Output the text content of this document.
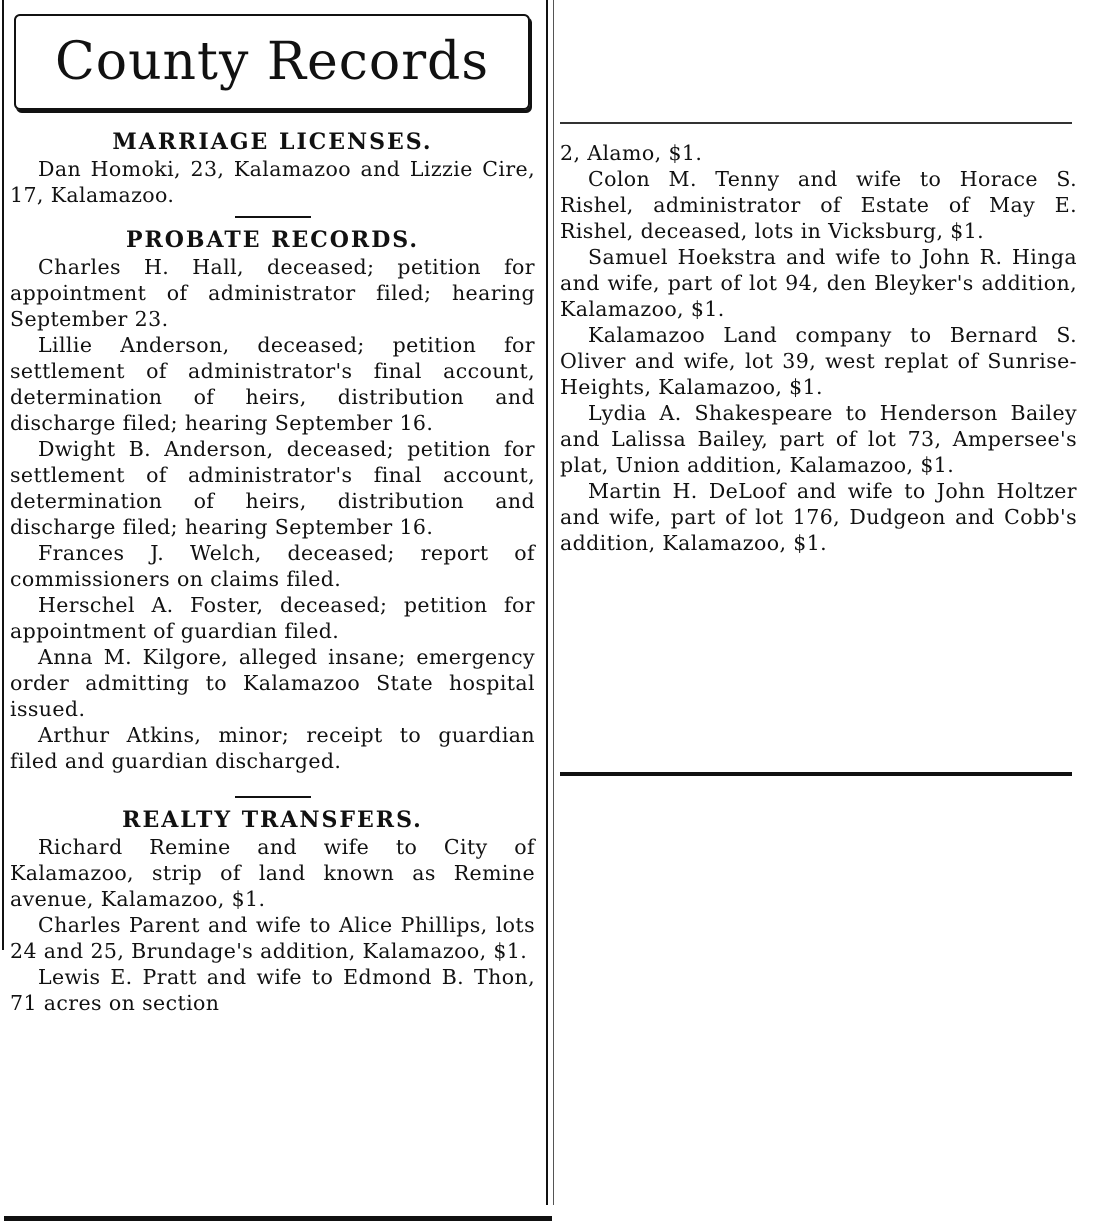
County Records
MARRIAGE LICENSES.

Dan Homoki, 23, Kalamazoo and Lizzie Cire, 17, Kalamazoo.

PROBATE RECORDS.

Charles H. Hall, deceased; petition for appointment of administrator filed; hearing September 23.

Lillie Anderson, deceased; petition for settlement of administrator's final account, determination of heirs, distribution and discharge filed; hearing September 16.

Dwight B. Anderson, deceased; petition for settlement of administrator's final account, determination of heirs, distribution and discharge filed; hearing September 16.

Frances J. Welch, deceased; report of commissioners on claims filed.

Herschel A. Foster, deceased; petition for appointment of guardian filed.

Anna M. Kilgore, alleged insane; emergency order admitting to Kalamazoo State hospital issued.

Arthur Atkins, minor; receipt to guardian filed and guardian discharged.

REALTY TRANSFERS.

Richard Remine and wife to City of Kalamazoo, strip of land known as Remine avenue, Kalamazoo, $1.

Charles Parent and wife to Alice Phillips, lots 24 and 25, Brundage's addition, Kalamazoo, $1.

Lewis E. Pratt and wife to Edmond B. Thon, 71 acres on section

2, Alamo, $1.

Colon M. Tenny and wife to Horace S. Rishel, administrator of Estate of May E. Rishel, deceased, lots in Vicksburg, $1.

Samuel Hoekstra and wife to John R. Hinga and wife, part of lot 94, den Bleyker's addition, Kalamazoo, $1.

Kalamazoo Land company to Bernard S. Oliver and wife, lot 39, west replat of Sunrise-Heights, Kalamazoo, $1.

Lydia A. Shakespeare to Henderson Bailey and Lalissa Bailey, part of lot 73, Ampersee's plat, Union addition, Kalamazoo, $1.

Martin H. DeLoof and wife to John Holtzer and wife, part of lot 176, Dudgeon and Cobb's addition, Kalamazoo, $1.
